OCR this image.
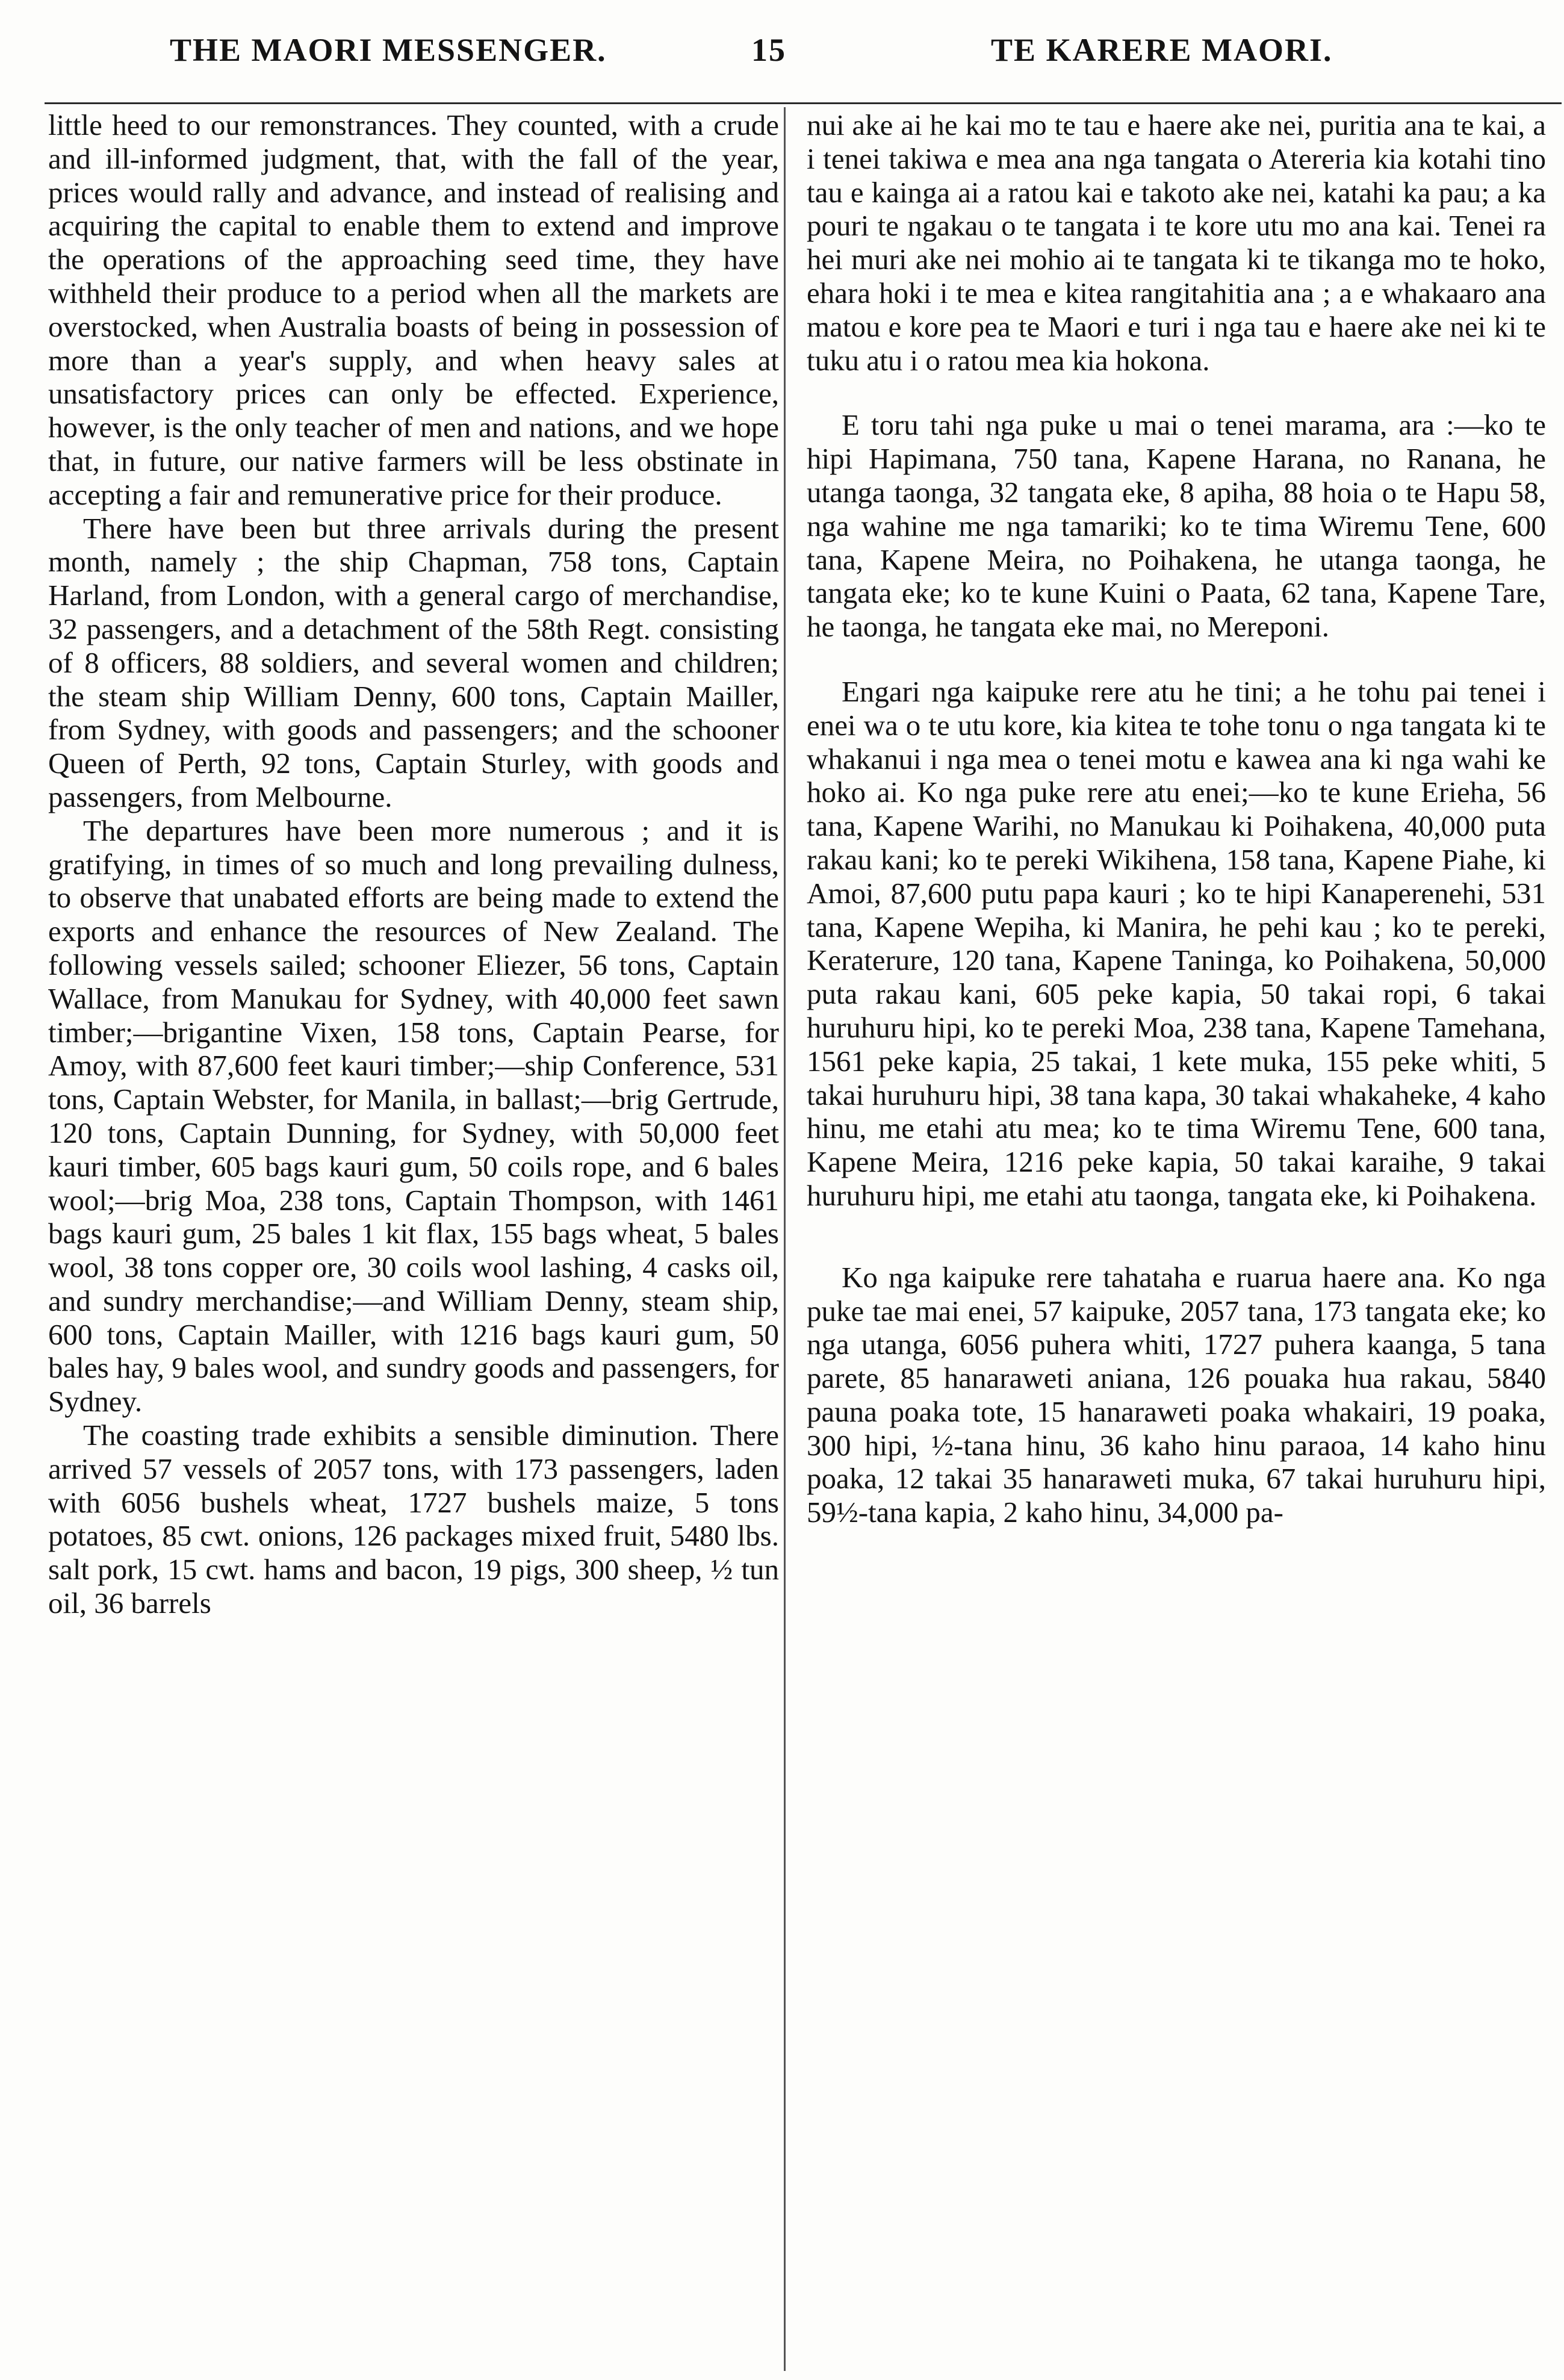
THE MAORI MESSENGER.	15	TE KARERE MAORI.

little heed to our remonstrances. They counted, with a crude and ill-informed judgment, that, with the fall of the year, prices would rally and advance, and instead of realising and acquiring the capital to enable them to extend and improve the operations of the approaching seed time, they have withheld their produce to a period when all the markets are overstocked, when Australia boasts of being in possession of more than a year's supply, and when heavy sales at unsatisfactory prices can only be effected. Experience, however, is the only teacher of men and nations, and we hope that, in future, our native farmers will be less obstinate in accepting a fair and remunerative price for their produce.

There have been but three arrivals during the present month, namely ; the ship Chapman, 758 tons, Captain Harland, from London, with a general cargo of merchandise, 32 passengers, and a detachment of the 58th Regt. consisting of 8 officers, 88 soldiers, and several women and children; the steam ship William Denny, 600 tons, Captain Mailler, from Sydney, with goods and passengers; and the schooner Queen of Perth, 92 tons, Captain Sturley, with goods and passengers, from Melbourne.

The departures have been more numerous ; and it is gratifying, in times of so much and long prevailing dulness, to observe that unabated efforts are being made to extend the exports and enhance the resources of New Zealand. The following vessels sailed; schooner Eliezer, 56 tons, Captain Wallace, from Manukau for Sydney, with 40,000 feet sawn timber;—brigantine Vixen, 158 tons, Captain Pearse, for Amoy, with 87,600 feet kauri timber;—ship Conference, 531 tons, Captain Webster, for Manila, in ballast;—brig Gertrude, 120 tons, Captain Dunning, for Sydney, with 50,000 feet kauri timber, 605 bags kauri gum, 50 coils rope, and 6 bales wool;—brig Moa, 238 tons, Captain Thompson, with 1461 bags kauri gum, 25 bales 1 kit flax, 155 bags wheat, 5 bales wool, 38 tons copper ore, 30 coils wool lashing, 4 casks oil, and sundry merchandise;—and William Denny, steam ship, 600 tons, Captain Mailler, with 1216 bags kauri gum, 50 bales hay, 9 bales wool, and sundry goods and passengers, for Sydney.

The coasting trade exhibits a sensible diminution. There arrived 57 vessels of 2057 tons, with 173 passengers, laden with 6056 bushels wheat, 1727 bushels maize, 5 tons potatoes, 85 cwt. onions, 126 packages mixed fruit, 5480 lbs. salt pork, 15 cwt. hams and bacon, 19 pigs, 300 sheep, ½ tun oil, 36 barrels

nui ake ai he kai mo te tau e haere ake nei, puritia ana te kai, a i tenei takiwa e mea ana nga tangata o Atereria kia kotahi tino tau e kainga ai a ratou kai e takoto ake nei, katahi ka pau; a ka pouri te ngakau o te tangata i te kore utu mo ana kai. Tenei ra hei muri ake nei mohio ai te tangata ki te tikanga mo te hoko, ehara hoki i te mea e kitea rangitahitia ana ; a e whakaaro ana matou e kore pea te Maori e turi i nga tau e haere ake nei ki te tuku atu i o ratou mea kia hokona.

E toru tahi nga puke u mai o tenei marama, ara :—ko te hipi Hapimana, 750 tana, Kapene Harana, no Ranana, he utanga taonga, 32 tangata eke, 8 apiha, 88 hoia o te Hapu 58, nga wahine me nga tamariki; ko te tima Wiremu Tene, 600 tana, Kapene Meira, no Poihakena, he utanga taonga, he tangata eke; ko te kune Kuini o Paata, 62 tana, Kapene Tare, he taonga, he tangata eke mai, no Mereponi.

Engari nga kaipuke rere atu he tini; a he tohu pai tenei i enei wa o te utu kore, kia kitea te tohe tonu o nga tangata ki te whakanui i nga mea o tenei motu e kawea ana ki nga wahi ke hoko ai. Ko nga puke rere atu enei;—ko te kune Erieha, 56 tana, Kapene Warihi, no Manukau ki Poihakena, 40,000 puta rakau kani; ko te pereki Wikihena, 158 tana, Kapene Piahe, ki Amoi, 87,600 putu papa kauri ; ko te hipi Kanaperenehi, 531 tana, Kapene Wepiha, ki Manira, he pehi kau ; ko te pereki, Keraterure, 120 tana, Kapene Taninga, ko Poihakena, 50,000 puta rakau kani, 605 peke kapia, 50 takai ropi, 6 takai huruhuru hipi, ko te pereki Moa, 238 tana, Kapene Tamehana, 1561 peke kapia, 25 takai, 1 kete muka, 155 peke whiti, 5 takai huruhuru hipi, 38 tana kapa, 30 takai whakaheke, 4 kaho hinu, me etahi atu mea; ko te tima Wiremu Tene, 600 tana, Kapene Meira, 1216 peke kapia, 50 takai karaihe, 9 takai huruhuru hipi, me etahi atu taonga, tangata eke, ki Poihakena.

Ko nga kaipuke rere tahataha e ruarua haere ana. Ko nga puke tae mai enei, 57 kaipuke, 2057 tana, 173 tangata eke; ko nga utanga, 6056 puhera whiti, 1727 puhera kaanga, 5 tana parete, 85 hanaraweti aniana, 126 pouaka hua rakau, 5840 pauna poaka tote, 15 hanaraweti poaka whakairi, 19 poaka, 300 hipi, ½-tana hinu, 36 kaho hinu paraoa, 14 kaho hinu poaka, 12 takai 35 hanaraweti muka, 67 takai huruhuru hipi, 59½-tana kapia, 2 kaho hinu, 34,000 pa-
